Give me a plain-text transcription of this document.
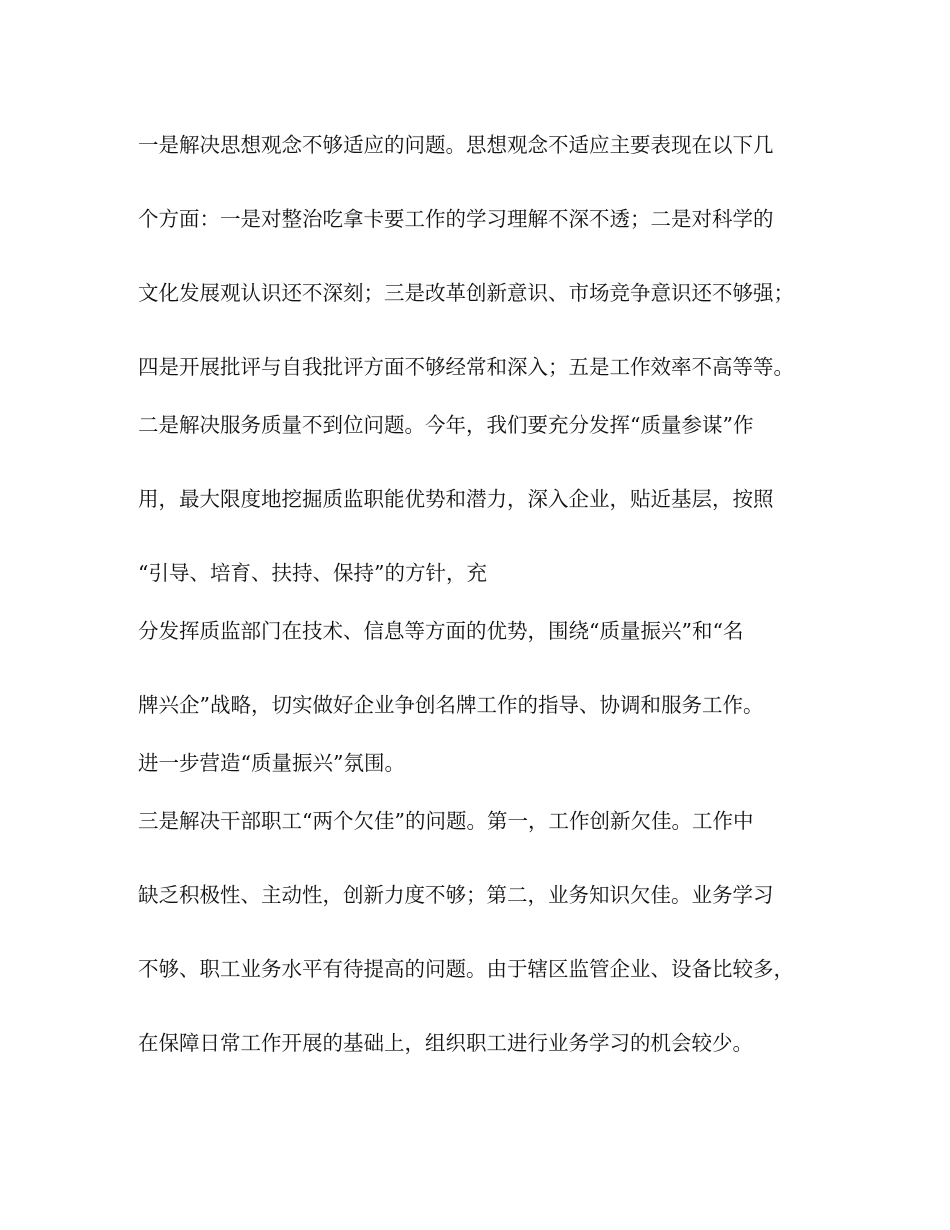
一是解决思想观念不够适应的问题。思想观念不适应主要表现在以下几
个方面：一是对整治吃拿卡要工作的学习理解不深不透；二是对科学的
文化发展观认识还不深刻；三是改革创新意识、市场竞争意识还不够强；
四是开展批评与自我批评方面不够经常和深入；五是工作效率不高等等。
二是解决服务质量不到位问题。今年，我们要充分发挥“质量参谋”作
用，最大限度地挖掘质监职能优势和潜力，深入企业，贴近基层，按照
“引导、培育、扶持、保持”的方针，充
分发挥质监部门在技术、信息等方面的优势，围绕“质量振兴”和“名
牌兴企”战略，切实做好企业争创名牌工作的指导、协调和服务工作。
进一步营造“质量振兴”氛围。
三是解决干部职工“两个欠佳”的问题。第一，工作创新欠佳。工作中
缺乏积极性、主动性，创新力度不够；第二，业务知识欠佳。业务学习
不够、职工业务水平有待提高的问题。由于辖区监管企业、设备比较多，
在保障日常工作开展的基础上，组织职工进行业务学习的机会较少。
